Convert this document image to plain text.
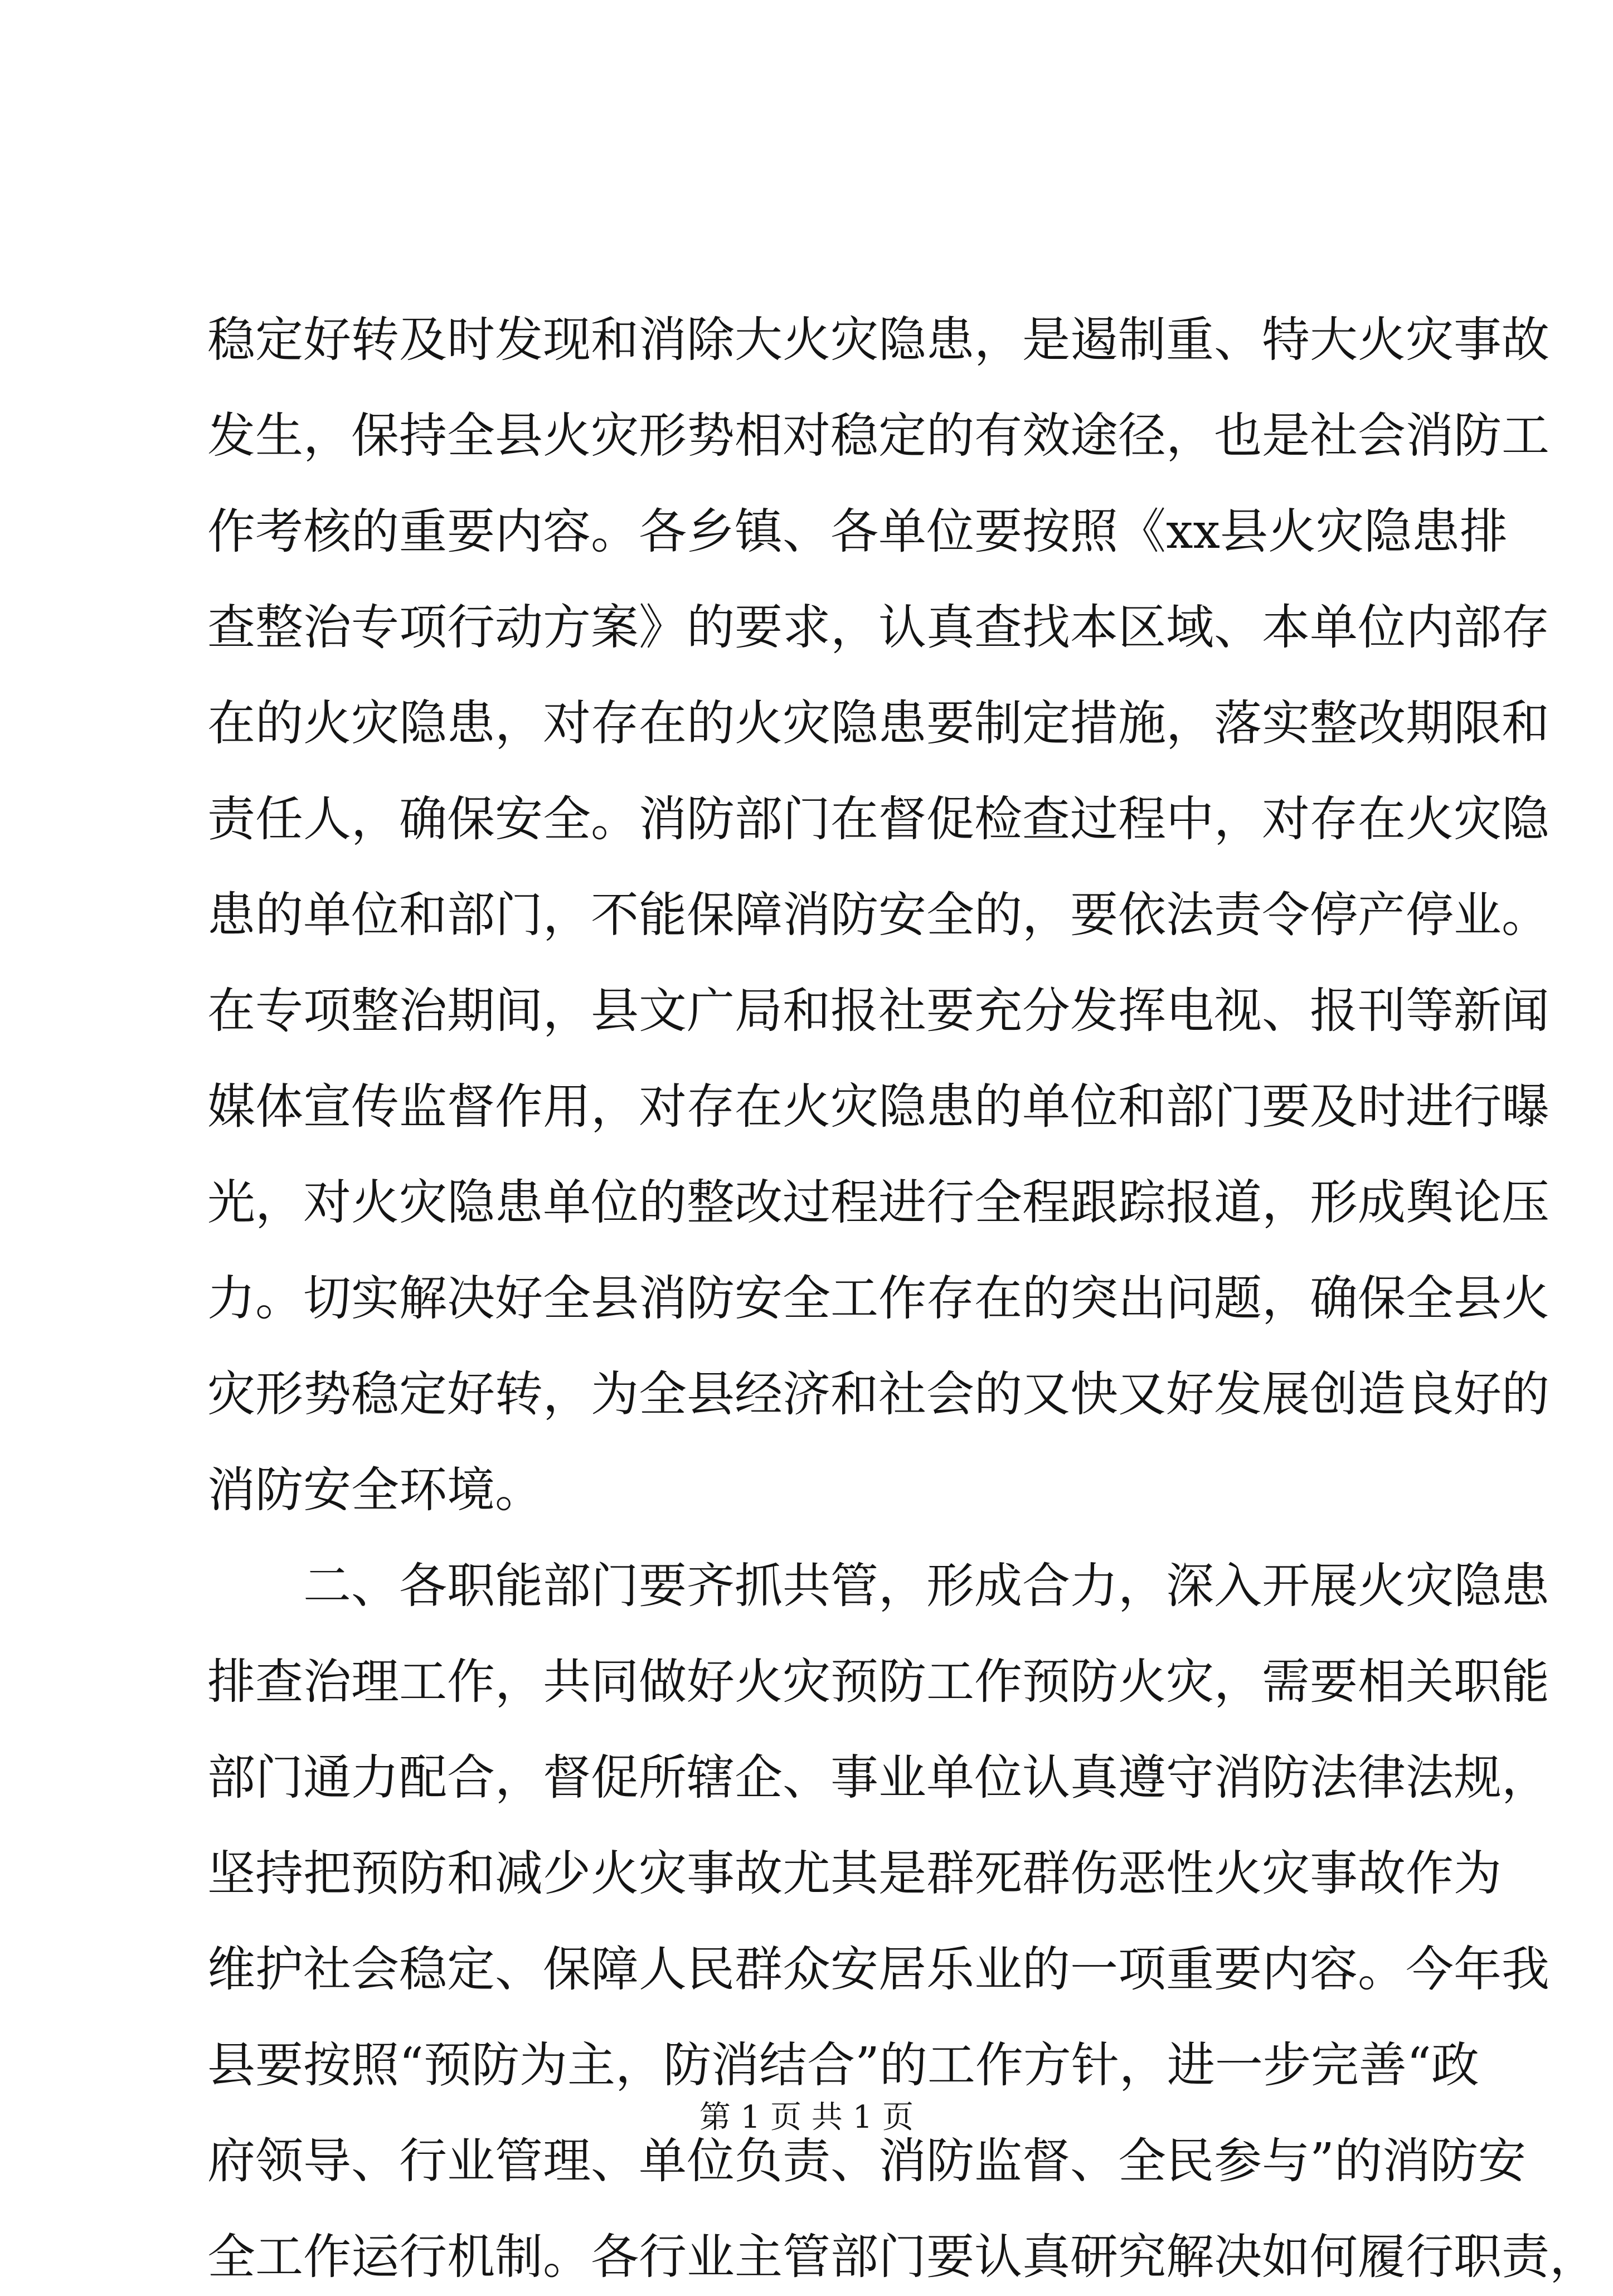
稳定好转及时发现和消除大火灾隐患，是遏制重、特大火灾事故
发生，保持全县火灾形势相对稳定的有效途径，也是社会消防工
作考核的重要内容。各乡镇、各单位要按照《xx县火灾隐患排
查整治专项行动方案》的要求，认真查找本区域、本单位内部存
在的火灾隐患，对存在的火灾隐患要制定措施，落实整改期限和
责任人，确保安全。消防部门在督促检查过程中，对存在火灾隐
患的单位和部门，不能保障消防安全的，要依法责令停产停业。
在专项整治期间，县文广局和报社要充分发挥电视、报刊等新闻
媒体宣传监督作用，对存在火灾隐患的单位和部门要及时进行曝
光，对火灾隐患单位的整改过程进行全程跟踪报道，形成舆论压
力。切实解决好全县消防安全工作存在的突出问题，确保全县火
灾形势稳定好转，为全县经济和社会的又快又好发展创造良好的
消防安全环境。
二、各职能部门要齐抓共管，形成合力，深入开展火灾隐患
排查治理工作，共同做好火灾预防工作预防火灾，需要相关职能
部门通力配合，督促所辖企、事业单位认真遵守消防法律法规，
坚持把预防和减少火灾事故尤其是群死群伤恶性火灾事故作为
维护社会稳定、保障人民群众安居乐业的一项重要内容。今年我
县要按照“预防为主，防消结合”的工作方针，进一步完善“政
府领导、行业管理、单位负责、消防监督、全民参与”的消防安
全工作运行机制。各行业主管部门要认真研究解决如何履行职责，
第 1 页 共 1 页
